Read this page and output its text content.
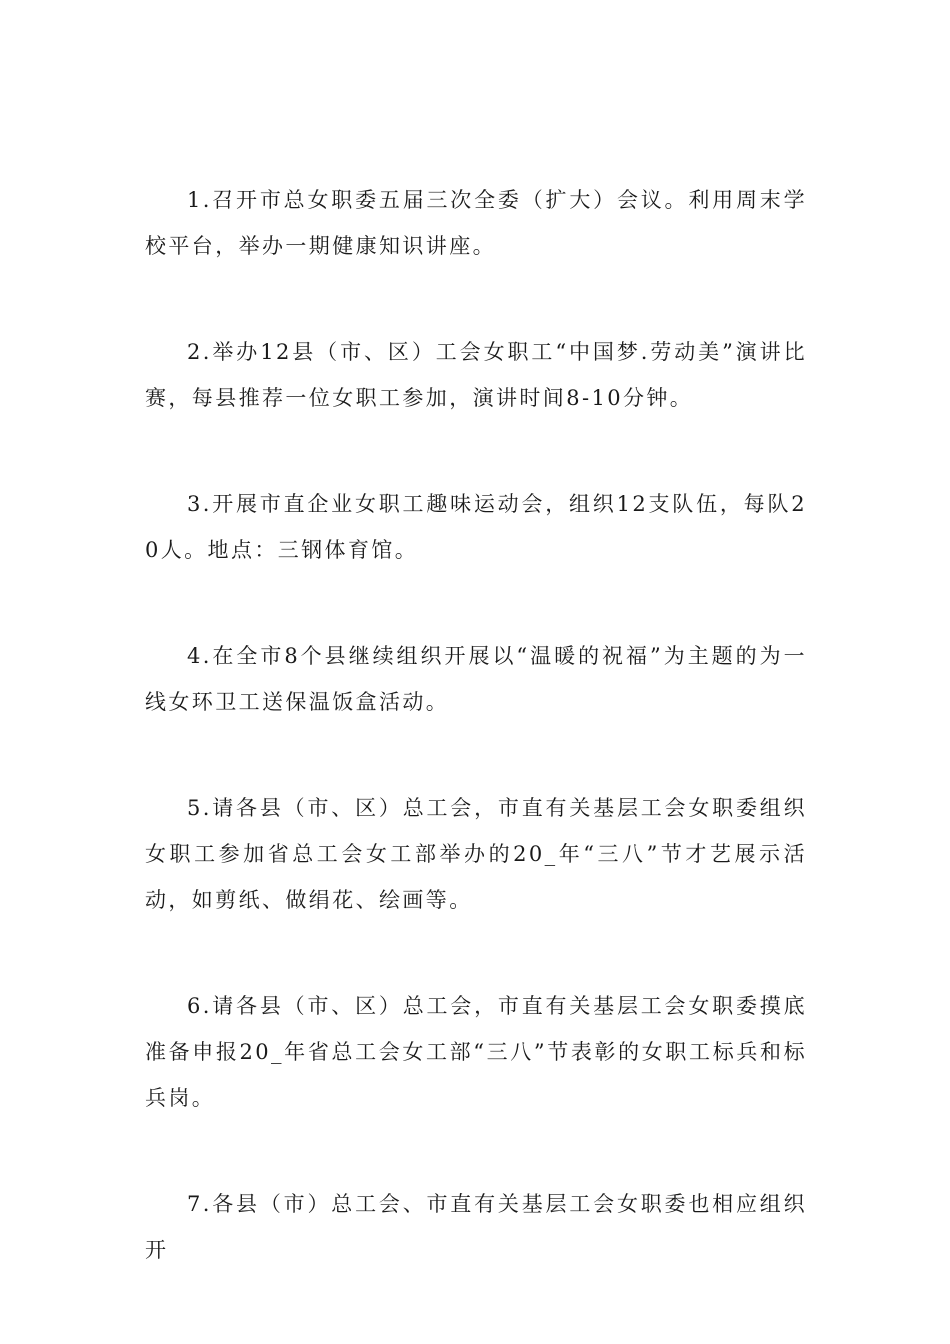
1.召开市总女职委五届三次全委（扩大）会议。利用周末学校平台，举办一期健康知识讲座。

2.举办12县（市、区）工会女职工“中国梦.劳动美”演讲比赛，每县推荐一位女职工参加，演讲时间8-10分钟。

3.开展市直企业女职工趣味运动会，组织12支队伍，每队20人。地点：三钢体育馆。

4.在全市8个县继续组织开展以“温暖的祝福”为主题的为一线女环卫工送保温饭盒活动。

5.请各县（市、区）总工会，市直有关基层工会女职委组织女职工参加省总工会女工部举办的20_年“三八”节才艺展示活动，如剪纸、做绢花、绘画等。

6.请各县（市、区）总工会，市直有关基层工会女职委摸底准备申报20_年省总工会女工部“三八”节表彰的女职工标兵和标兵岗。

7.各县（市）总工会、市直有关基层工会女职委也相应组织开
